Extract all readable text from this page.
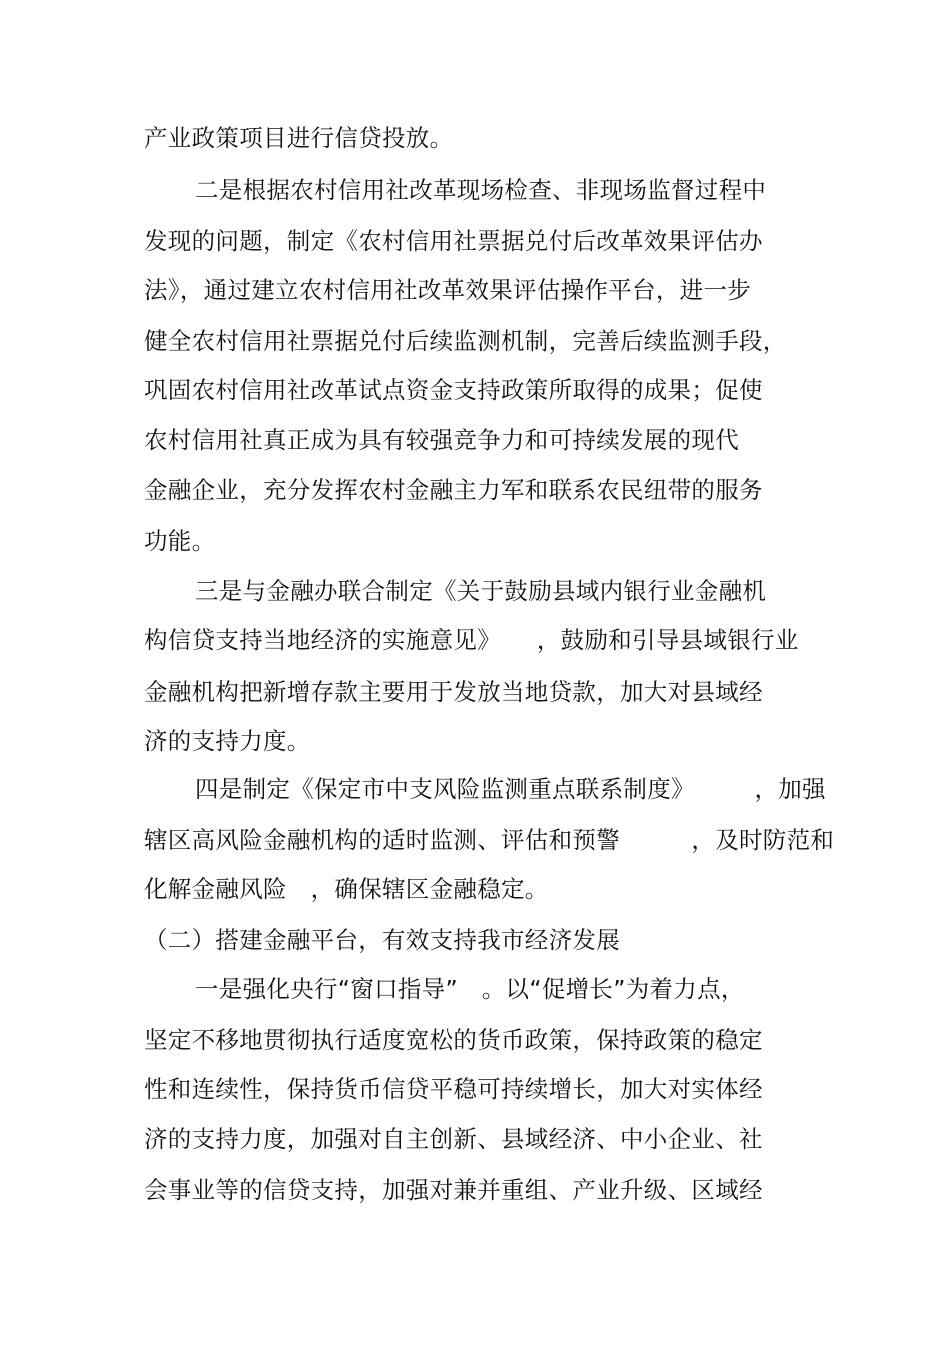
产业政策项目进行信贷投放。

二是根据农村信用社改革现场检查、非现场监督过程中

发现的问题，制定《农村信用社票据兑付后改革效果评估办

法》，通过建立农村信用社改革效果评估操作平台，进一步

健全农村信用社票据兑付后续监测机制，完善后续监测手段，

巩固农村信用社改革试点资金支持政策所取得的成果；促使

农村信用社真正成为具有较强竞争力和可持续发展的现代

金融企业，充分发挥农村金融主力军和联系农民纽带的服务

功能。

三是与金融办联合制定《关于鼓励县域内银行业金融机

构信贷支持当地经济的实施意见》　　，鼓励和引导县域银行业

金融机构把新增存款主要用于发放当地贷款，加大对县域经

济的支持力度。

四是制定《保定市中支风险监测重点联系制度》　　　，加强

辖区高风险金融机构的适时监测、评估和预警　　　，及时防范和

化解金融风险　，确保辖区金融稳定。

（二）搭建金融平台，有效支持我市经济发展

一是强化央行“窗口指导”　。以“促增长”为着力点，

坚定不移地贯彻执行适度宽松的货币政策，保持政策的稳定

性和连续性，保持货币信贷平稳可持续增长，加大对实体经

济的支持力度，加强对自主创新、县域经济、中小企业、社

会事业等的信贷支持，加强对兼并重组、产业升级、区域经
